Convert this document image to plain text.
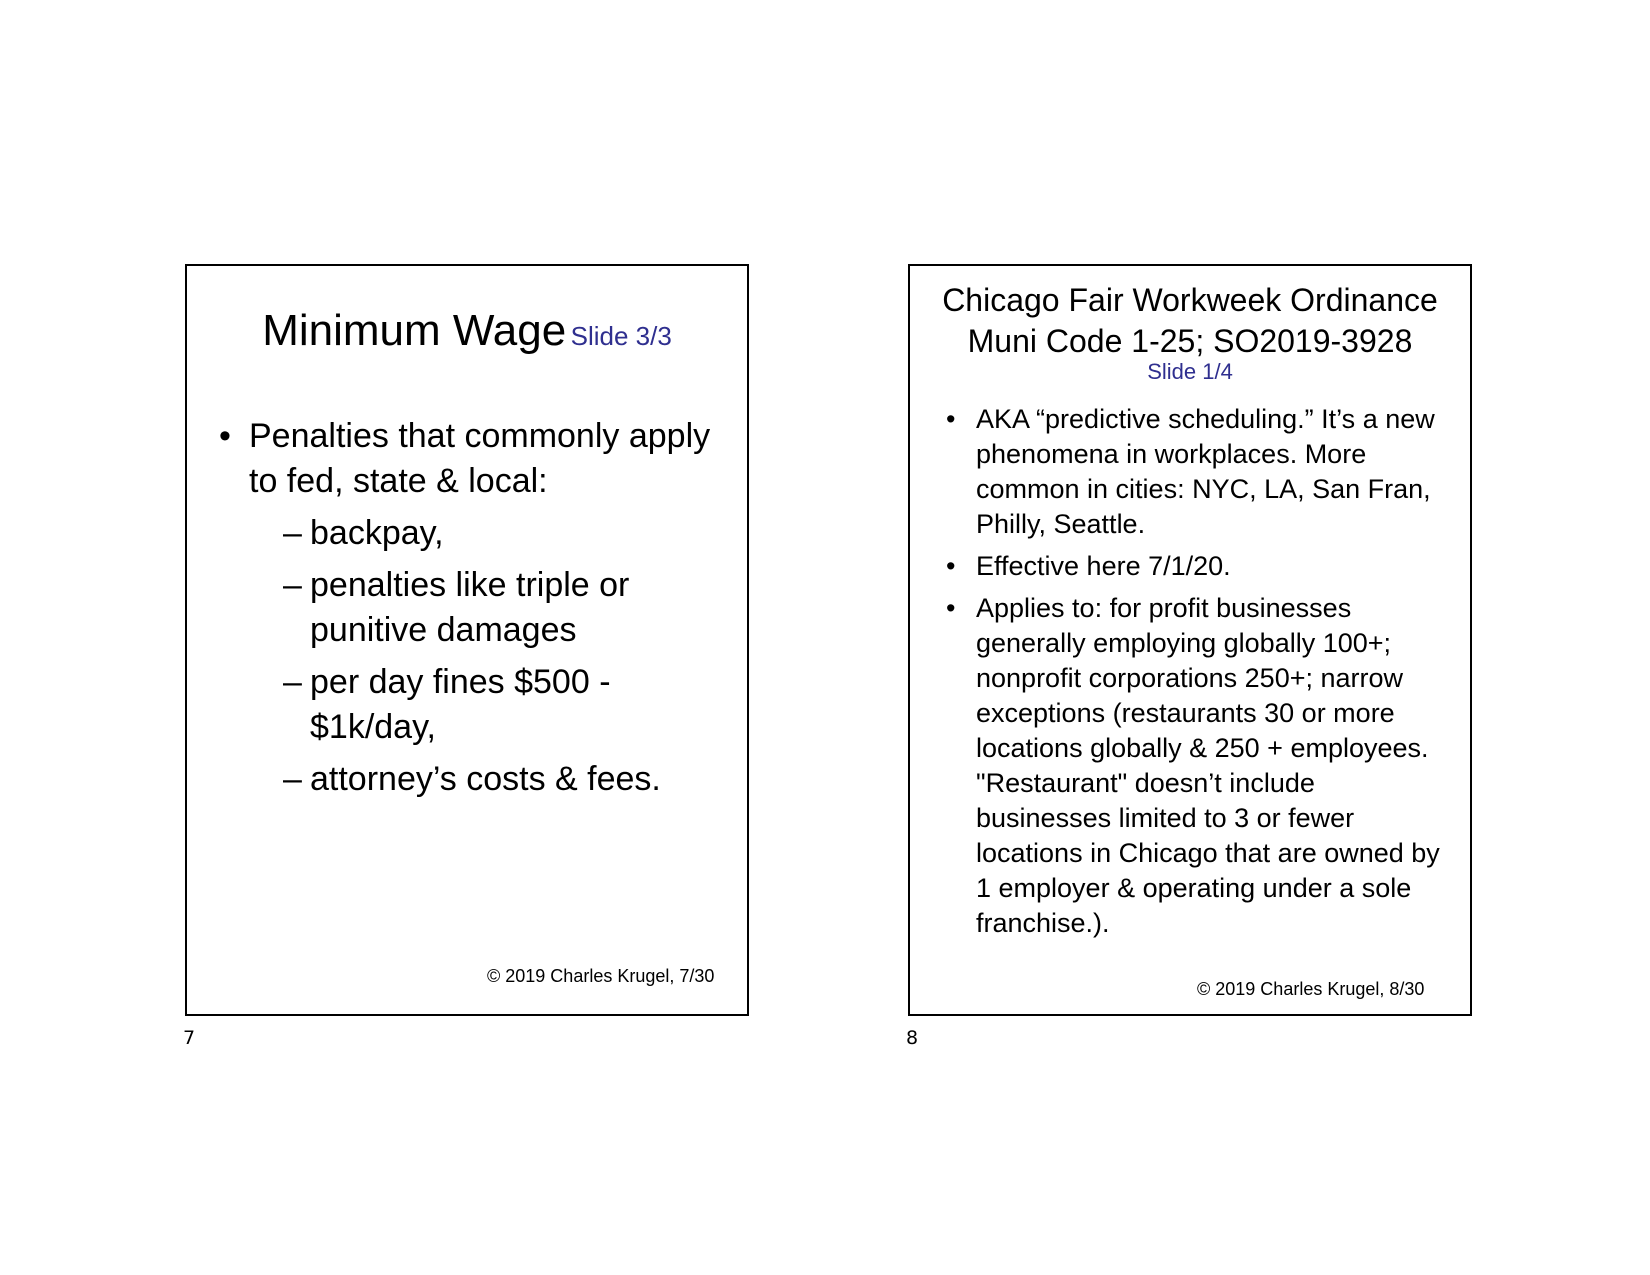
Minimum Wage Slide 3/3
• Penalties that commonly apply to fed, state & local:
– backpay,
– penalties like triple or punitive damages
– per day fines $500 - $1k/day,
– attorney’s costs & fees.
© 2019 Charles Krugel, 7/30
7
Chicago Fair Workweek Ordinance
Muni Code 1-25; SO2019-3928
Slide 1/4
• AKA “predictive scheduling.” It’s a new phenomena in workplaces. More common in cities: NYC, LA, San Fran, Philly, Seattle.
• Effective here 7/1/20.
• Applies to: for profit businesses generally employing globally 100+; nonprofit corporations 250+; narrow exceptions (restaurants 30 or more locations globally & 250 + employees. "Restaurant" doesn’t include businesses limited to 3 or fewer locations in Chicago that are owned by 1 employer & operating under a sole franchise.).
© 2019 Charles Krugel, 8/30
8
